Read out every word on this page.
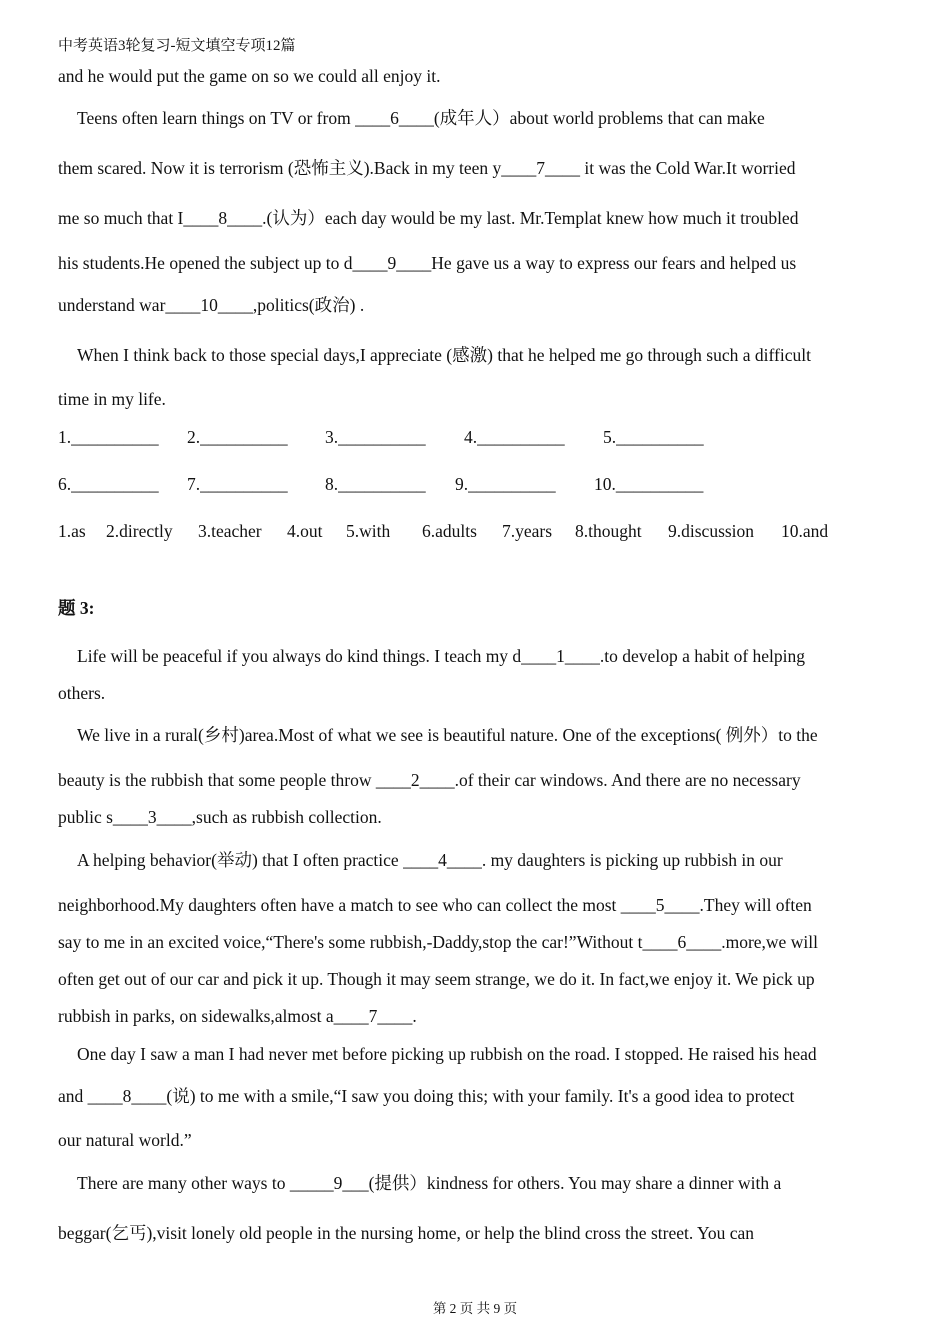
中考英语3轮复习-短文填空专项12篇
and he would put the game on so we could all enjoy it.
Teens often learn things on TV or from ____6____(成年人）about world problems that can make
them scared. Now it is terrorism (恐怖主义).Back in my teen y____7____ it was the Cold War.It worried
me so much that I____8____.(认为）each day would be my last. Mr.Templat knew how much it troubled
his students.He opened the subject up to d____9____He gave us a way to express our fears and helped us
understand war____10____,politics(政治) .
When I think back to those special days,I appreciate (感激) that he helped me go through such a difficult
time in my life.

1.__________

2.__________

3.__________

4.__________

5.__________

6.__________

7.__________

8.__________

9.__________

10.__________

1.as

2.directly

3.teacher

4.out

5.with

6.adults

7.years

8.thought

9.discussion

10.and

题 3:
Life will be peaceful if you always do kind things. I teach my d____1____.to develop a habit of helping
others.
We live in a rural(乡村)area.Most of what we see is beautiful nature. One of the exceptions( 例外）to the
beauty is the rubbish that some people throw ____2____.of their car windows. And there are no necessary
public s____3____,such as rubbish collection.
A helping behavior(举动) that I often practice ____4____. my daughters is picking up rubbish in our
neighborhood.My daughters often have a match to see who can collect the most ____5____.They will often
say to me in an excited voice,“There's some rubbish,-Daddy,stop the car!”Without t____6____.more,we will
often get out of our car and pick it up. Though it may seem strange, we do it. In fact,we enjoy it. We pick up
rubbish in parks, on sidewalks,almost a____7____.
One day I saw a man I had never met before picking up rubbish on the road. I stopped. He raised his head
and ____8____(说) to me with a smile,“I saw you doing this; with your family. It's a good idea to protect
our natural world.”
There are many other ways to _____9___(提供）kindness for others. You may share a dinner with a
beggar(乞丐),visit lonely old people in the nursing home, or help the blind cross the street. You can
第 2 页 共 9 页
